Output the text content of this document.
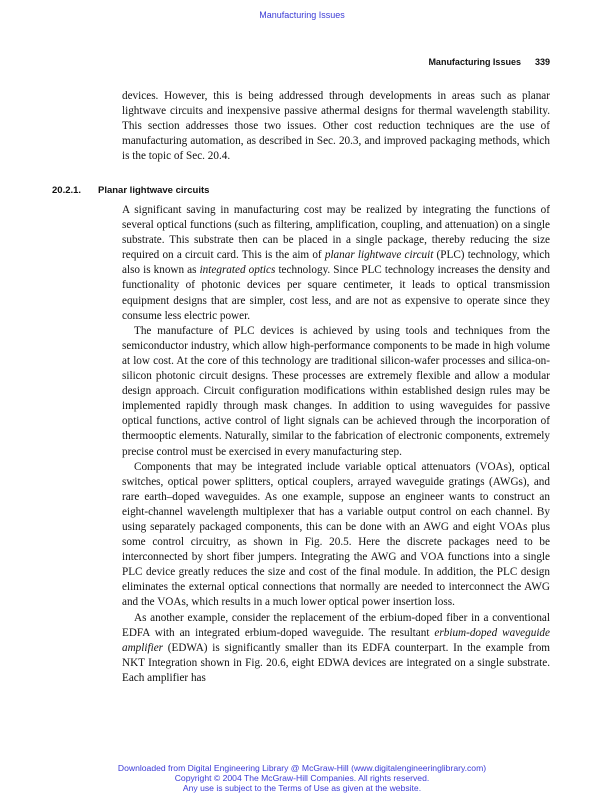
Manufacturing Issues
Manufacturing Issues 339

devices. However, this is being addressed through developments in areas such as planar lightwave circuits and inexpensive passive athermal designs for thermal wavelength stability. This section addresses those two issues. Other cost reduction techniques are the use of manufacturing automation, as described in Sec. 20.3, and improved packaging methods, which is the topic of Sec. 20.4.

20.2.1. Planar lightwave circuits

A significant saving in manufacturing cost may be realized by integrating the functions of several optical functions (such as filtering, amplification, coupling, and attenuation) on a single substrate. This substrate then can be placed in a single package, thereby reducing the size required on a circuit card. This is the aim of planar lightwave circuit (PLC) technology, which also is known as integrated optics technology. Since PLC technology increases the density and functionality of photonic devices per square centimeter, it leads to optical transmission equipment designs that are simpler, cost less, and are not as expensive to operate since they consume less electric power.

The manufacture of PLC devices is achieved by using tools and techniques from the semiconductor industry, which allow high-performance components to be made in high volume at low cost. At the core of this technology are traditional silicon-wafer processes and silica-on-silicon photonic circuit designs. These processes are extremely flexible and allow a modular design approach. Circuit configuration modifications within established design rules may be implemented rapidly through mask changes. In addition to using waveguides for passive optical functions, active control of light signals can be achieved through the incorporation of thermooptic elements. Naturally, similar to the fabrication of electronic components, extremely precise control must be exercised in every manufacturing step.

Components that may be integrated include variable optical attenuators (VOAs), optical switches, optical power splitters, optical couplers, arrayed waveguide gratings (AWGs), and rare earth–doped waveguides. As one example, suppose an engineer wants to construct an eight-channel wavelength multiplexer that has a variable output control on each channel. By using separately packaged components, this can be done with an AWG and eight VOAs plus some control circuitry, as shown in Fig. 20.5. Here the discrete packages need to be interconnected by short fiber jumpers. Integrating the AWG and VOA functions into a single PLC device greatly reduces the size and cost of the final module. In addition, the PLC design eliminates the external optical connections that normally are needed to interconnect the AWG and the VOAs, which results in a much lower optical power insertion loss.

As another example, consider the replacement of the erbium-doped fiber in a conventional EDFA with an integrated erbium-doped waveguide. The resultant erbium-doped waveguide amplifier (EDWA) is significantly smaller than its EDFA counterpart. In the example from NKT Integration shown in Fig. 20.6, eight EDWA devices are integrated on a single substrate. Each amplifier has

Downloaded from Digital Engineering Library @ McGraw-Hill (www.digitalengineeringlibrary.com)
Copyright © 2004 The McGraw-Hill Companies. All rights reserved.
Any use is subject to the Terms of Use as given at the website.
